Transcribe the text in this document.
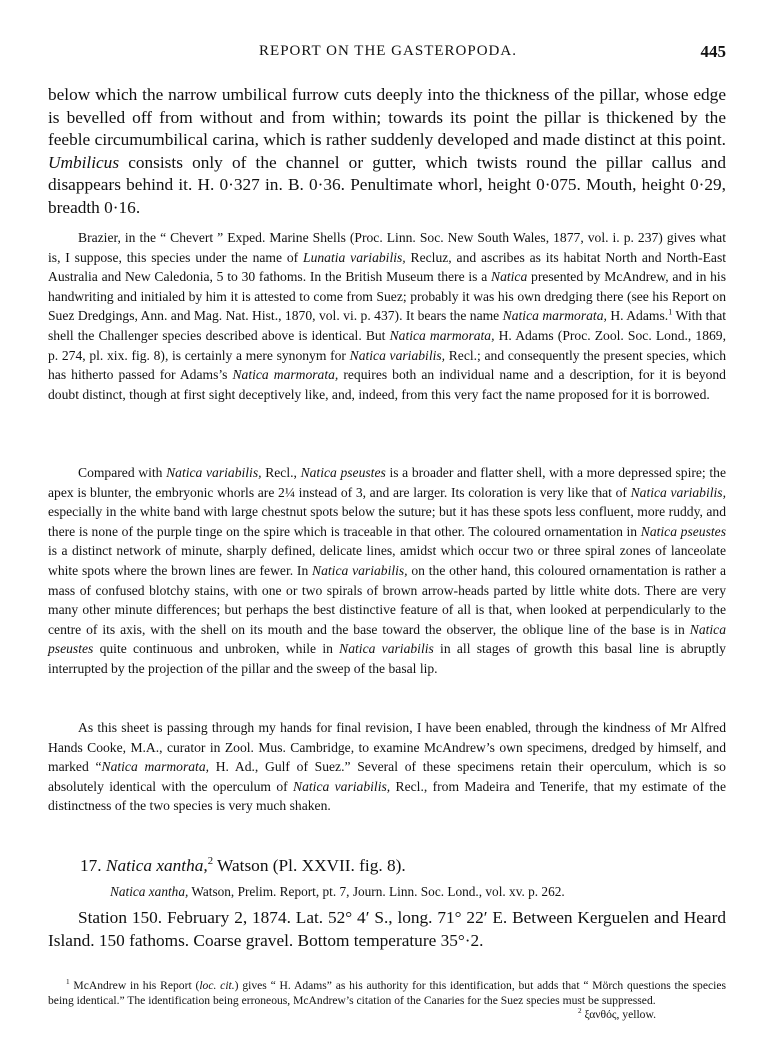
REPORT ON THE GASTEROPODA.	445

below which the narrow umbilical furrow cuts deeply into the thickness of the pillar, whose edge is bevelled off from without and from within; towards its point the pillar is thickened by the feeble circumumbilical carina, which is rather suddenly developed and made distinct at this point. Umbilicus consists only of the channel or gutter, which twists round the pillar callus and disappears behind it. H. 0·327 in. B. 0·36. Penultimate whorl, height 0·075. Mouth, height 0·29, breadth 0·16.

Brazier, in the “ Chevert ” Exped. Marine Shells (Proc. Linn. Soc. New South Wales, 1877, vol. i. p. 237) gives what is, I suppose, this species under the name of Lunatia variabilis, Recluz, and ascribes as its habitat North and North-East Australia and New Caledonia, 5 to 30 fathoms. In the British Museum there is a Natica presented by McAndrew, and in his handwriting and initialed by him it is attested to come from Suez; probably it was his own dredging there (see his Report on Suez Dredgings, Ann. and Mag. Nat. Hist., 1870, vol. vi. p. 437). It bears the name Natica marmorata, H. Adams.$^1$ With that shell the Challenger species described above is identical. But Natica marmorata, H. Adams (Proc. Zool. Soc. Lond., 1869, p. 274, pl. xix. fig. 8), is certainly a mere synonym for Natica variabilis, Recl.; and consequently the present species, which has hitherto passed for Adams’s Natica marmorata, requires both an individual name and a description, for it is beyond doubt distinct, though at first sight deceptively like, and, indeed, from this very fact the name proposed for it is borrowed.

Compared with Natica variabilis, Recl., Natica pseustes is a broader and flatter shell, with a more depressed spire; the apex is blunter, the embryonic whorls are 2¼ instead of 3, and are larger. Its coloration is very like that of Natica variabilis, especially in the white band with large chestnut spots below the suture; but it has these spots less confluent, more ruddy, and there is none of the purple tinge on the spire which is traceable in that other. The coloured ornamentation in Natica pseustes is a distinct network of minute, sharply defined, delicate lines, amidst which occur two or three spiral zones of lanceolate white spots where the brown lines are fewer. In Natica variabilis, on the other hand, this coloured ornamentation is rather a mass of confused blotchy stains, with one or two spirals of brown arrow-heads parted by little white dots. There are very many other minute differences; but perhaps the best distinctive feature of all is that, when looked at perpendicularly to the centre of its axis, with the shell on its mouth and the base toward the observer, the oblique line of the base is in Natica pseustes quite continuous and unbroken, while in Natica variabilis in all stages of growth this basal line is abruptly interrupted by the projection of the pillar and the sweep of the basal lip.

As this sheet is passing through my hands for final revision, I have been enabled, through the kindness of Mr Alfred Hands Cooke, M.A., curator in Zool. Mus. Cambridge, to examine McAndrew’s own specimens, dredged by himself, and marked “Natica marmorata, H. Ad., Gulf of Suez.” Several of these specimens retain their operculum, which is so absolutely identical with the operculum of Natica variabilis, Recl., from Madeira and Tenerife, that my estimate of the distinctness of the two species is very much shaken.

17. Natica xantha,$^2$ Watson (Pl. XXVII. fig. 8).
Natica xantha, Watson, Prelim. Report, pt. 7, Journ. Linn. Soc. Lond., vol. xv. p. 262.

Station 150. February 2, 1874. Lat. 52° 4′ S., long. 71° 22′ E. Between Kerguelen and Heard Island. 150 fathoms. Coarse gravel. Bottom temperature 35°·2.

$^1$ McAndrew in his Report (loc. cit.) gives “ H. Adams” as his authority for this identification, but adds that “ Mörch questions the species being identical.” The identification being erroneous, McAndrew’s citation of the Canaries for the Suez species must be suppressed.

$^2$ ξανθός, yellow.
